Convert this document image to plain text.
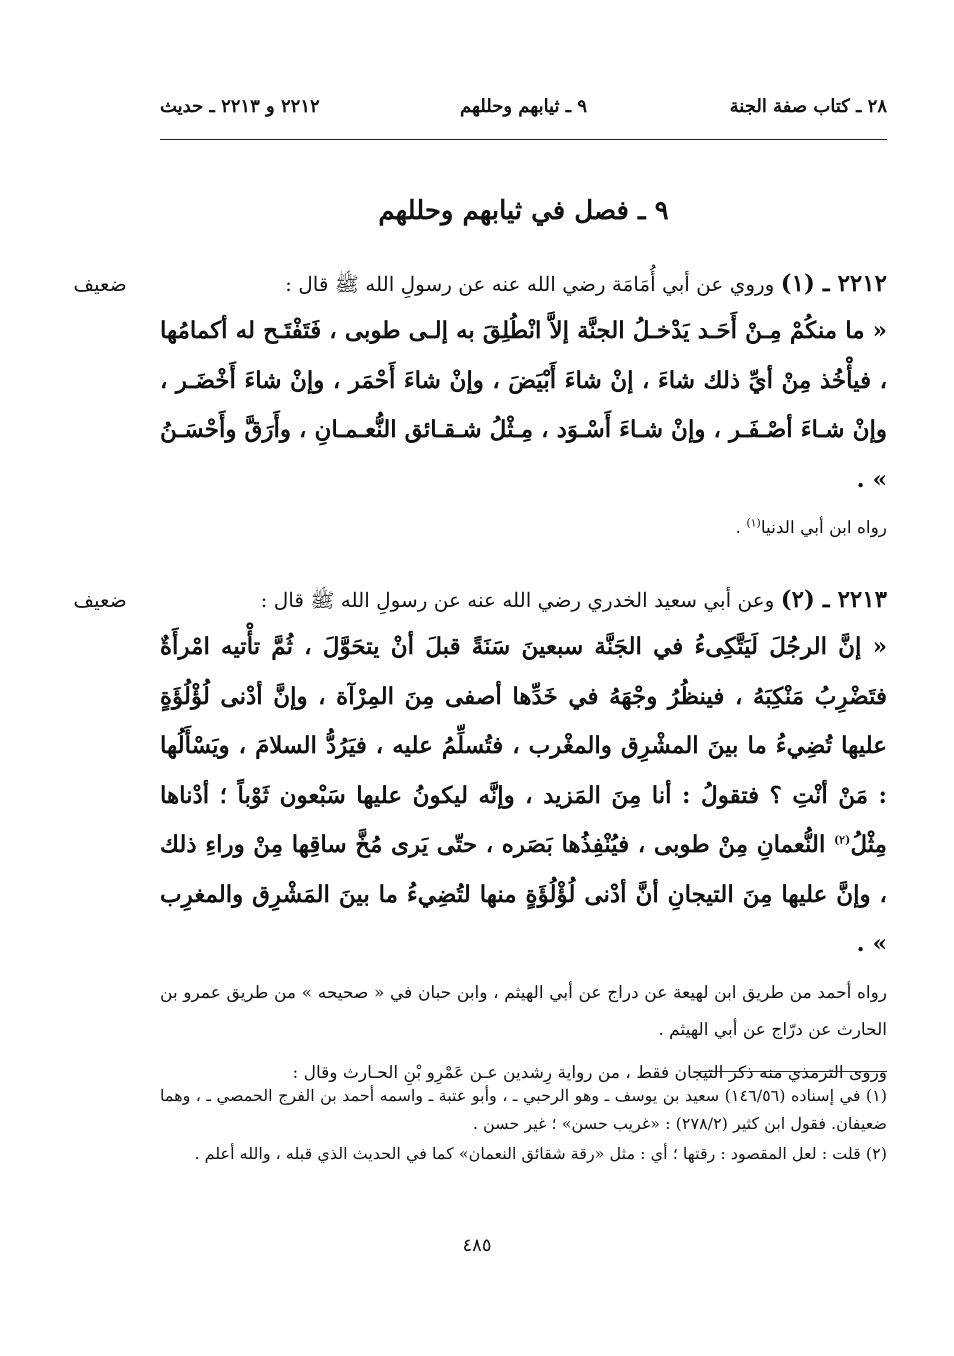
٢٨ ـ كتاب صفة الجنة
٩ ـ ثيابهم وحللهم
٢٢١٢ و ٢٢١٣ ـ حديث
٩ ـ فصل في ثيابهم وحللهم
ضعيف	٢٢١٢ ـ (١) وروي عن أبي أُمَامَة رضي الله عنه عن رسولِ الله ﷺ قال :

« ما منكُمْ مِـنْ أَحَـد يَدْخـلُ الجنَّة إلاَّ انْطُلِقَ به إلـى طوبى ، فَتَفْتَـح له أكمامُها ، فيأْخُذ مِنْ أيِّ ذلك شاءَ ، إنْ شاءَ أَبْيَضَ ، وإنْ شاءَ أَحْمَر ، وإنْ شاءَ أَخْضَـر ، وإنْ شـاءَ أصْـفَـر ، وإنْ شـاءَ أَسْـوَد ، مِـثْلُ شـقـائق النُّعـمـانِ ، وأَرَقَّ وأَحْسَـنُ » .

رواه ابن أبي الدنيا$^{(١)}$ .

ضعيف	٢٢١٣ ـ (٢) وعن أبي سعيد الخدري رضي الله عنه عن رسولِ الله ﷺ قال :

« إنَّ الرجُلَ لَيَتَّكِىءُ في الجَنَّة سبعينَ سَنَةً قبلَ أنْ يتحَوَّلَ ، ثُمَّ تأْتيه امْرأَةٌ فتَضْرِبُ مَنْكِبَهُ ، فينظُرُ وجْهَهُ في خَدِّها أصفى مِنَ المِرْآة ، وإنَّ أدْنى لُؤْلُؤَةٍ عليها تُضِيءُ ما بينَ المشْرِق والمغْرب ، فتُسلِّمُ عليه ، فيَرُدُّ السلامَ ، ويَسْأَلُها : مَنْ أنْتِ ؟ فتقولُ : أنا مِنَ المَزيد ، وإنَّه ليكونُ عليها سَبْعون ثَوْباً ؛ أدْناها مِثْلُ$^{(٢)}$ النُّعمانِ مِنْ طوبى ، فيُنْفِذُها بَصَره ، حتّى يَرى مُخَّ ساقِها مِنْ وراءِ ذلك ، وإنَّ عليها مِنَ التيجانِ أنَّ أدْنى لُؤْلُؤَةٍ منها لتُضِيءُ ما بينَ المَشْرِق والمغرِب » .

رواه أحمد من طريق ابن لهيعة عن دراج عن أبي الهيثم ، وابن حبان في « صحيحه » من طريق عمرو بن الحارث عن درّاج عن أبي الهيثم .

وروى الترمذي منه ذكر التيجان فقط ، من رواية رِشدين عـن عَمْرِو بْنِ الحـارث وقال :

(١) في إسناده (١٤٦/٥٦) سعيد بن يوسف ـ وهو الرحبي ـ ، وأبو عتبة ـ واسمه أحمد بن الفرج الحمصي ـ ، وهما ضعيفان. فقول ابن كثير (٢٧٨/٢) : «غريب حسن» ؛ غير حسن .

(٢) قلت : لعل المقصود : رقتها ؛ أي : مثل «رقة شقائق النعمان» كما في الحديث الذي قبله ، والله أعلم .

٤٨٥
